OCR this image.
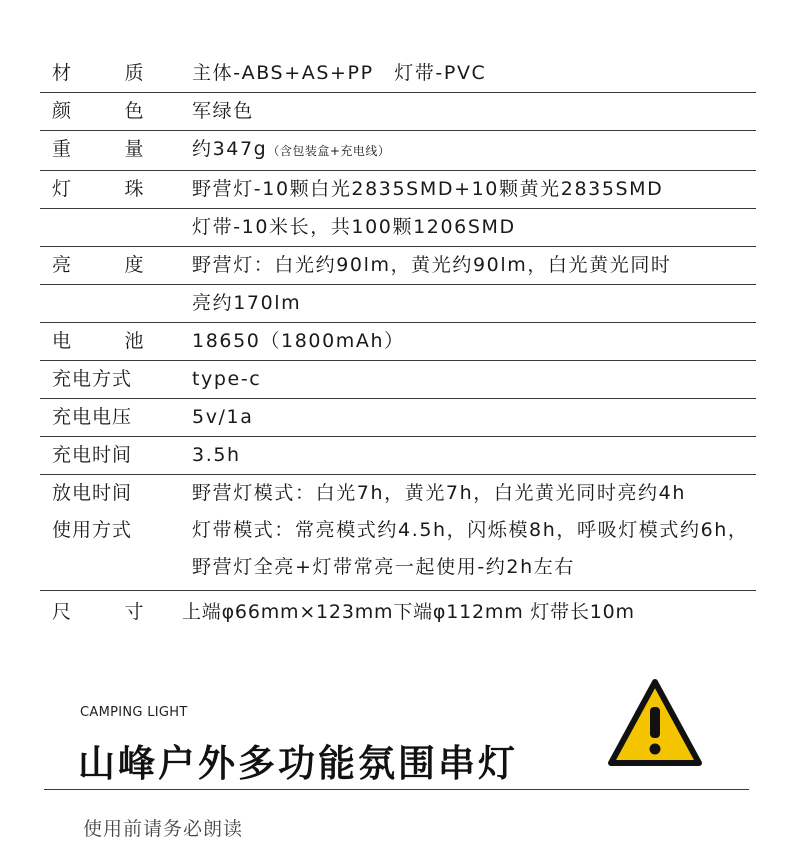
材	质	主体-ABS+AS+PP　灯带-PVC
颜	色	军绿色
重	量	约347g（含包装盒+充电线）
灯	珠	野营灯-10颗白光2835SMD+10颗黄光2835SMD
灯带-10米长，共100颗1206SMD
亮	度	野营灯：白光约90lm，黄光约90lm，白光黄光同时
亮约170lm
电	池	18650（1800mAh）
充电方式	type-c
充电电压	5v/1a
充电时间	3.5h
放电时间	野营灯模式：白光7h，黄光7h，白光黄光同时亮约4h
使用方式	灯带模式：常亮模式约4.5h，闪烁模8h，呼吸灯模式约6h，野营灯全亮+灯带常亮一起使用-约2h左右
尺	寸 上端φ66mm×123mm下端φ112mm 灯带长10m
CAMPING LIGHT
山峰户外多功能氛围串灯
使用前请务必朗读
